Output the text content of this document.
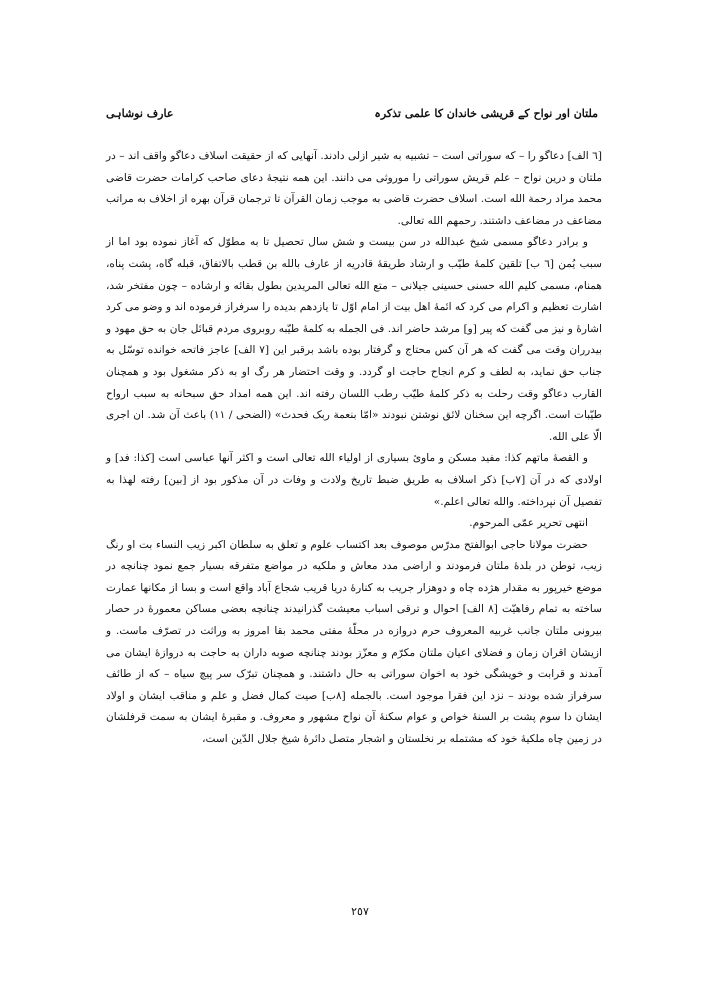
ملتان اور نواح کے قریشی خاندان کا علمی تذکرہ
عارف نوشاہی

[٦ الف] دعاگو را – که سوراتی است – تشبیه به شیر ازلی دادند. آنهایی که از حقیقت اسلاف دعاگو واقف اند – در ملتان و درین نواح – علم قریش سوراتی را موروثی می دانند. این همه نتیجهٔ دعای صاحب کرامات حضرت قاضی محمد مراد رحمة الله است. اسلاف حضرت قاضی به موجب زمان القرآن تا ترجمان قرآن بهره از اخلاف به مراتب مضاعف در مضاعف داشتند. رحمهم الله تعالی.

و برادر دعاگو مسمی شیخ عبدالله در سن بیست و شش سال تحصیل تا به مطوّل که آغاز نموده بود اما از سبب یُمن [٦ ب] تلقین کلمهٔ طیّب و ارشاد طریقهٔ قادریه از عارف بالله بن قطب بالاتفاق، قبله گاه، پشت پناه، همنام، مسمی کلیم الله حسنی حسینی جیلانی – متع الله تعالی المریدین بطول بقائه و ارشاده – چون مفتخر شد، اشارت تعظیم و اکرام می کرد که ائمهٔ اهل بیت از امام اوّل تا یازدهم بدیده را سرفراز فرموده اند و وضو می کرد اشارهٔ و نیز می گفت که پیر [و] مرشد حاضر اند. فی الجمله به کلمهٔ طیّبه روبروی مردم قبائل جان به حق مهود و بیدرران وقت می گفت که هر آن کس محتاج و گرفتار بوده باشد برقبر این [٧ الف] عاجز فاتحه خوانده توسّل به جناب حق نماید، به لطف و کرم انجاح حاجت او گردد. و وقت احتضار هر رگ او به ذکر مشغول بود و همچنان القارب دعاگو وقت رحلت به ذکر کلمهٔ طیّب رطب اللسان رفته اند. این همه امداد حق سبحانه به سبب ارواح طیّبات است. اگرچه این سخنان لائق نوشتن نبودند «امّا بنعمة ربک فحدث» (الضحی / ١١) باعث آن شد. ان اجری الّا علی الله.

و القصهٔ ماتهم کذا: مفید مسکن و ماویٔ بسیاری از اولیاء الله تعالی است و اکثر آنها عباسی است [کذا: فد] و اولادی که در آن [٧ب] ذکر اسلاف به طریق ضبط تاریخ ولادت و وفات در آن مذکور بود از [بین] رفته لهذا به تفصیل آن نپرداخته. والله تعالی اعلم.»

انتهی تحریر عمّی المرحوم.

حضرت مولانا حاجی ابوالفتح مدرّس موصوف بعد اکتساب علوم و تعلق به سلطان اکبر زیب النساء بت او رنگ زیب، توطن در بلدهٔ ملتان فرمودند و اراضی مدد معاش و ملکیه در مواضع متفرقه بسیار جمع نمود چنانچه در موضع خیرپور به مقدار هژده چاه و دوهزار جریب به کنارهٔ دریا قریب شجاع آباد واقع است و بسا از مکانها عمارت ساخته به تمام رفاهیّت [٨ الف] احوال و ترقی اسباب معیشت گذرانیدند چنانچه بعضی مساکن معمورهٔ در حصار بیرونی ملتان جانب غربیه المعروف حرم دروازه در محلّهٔ مفتی محمد بقا امروز به وراثت در تصرّف ماست. و ازیشان اقران زمان و فضلای اعیان ملتان مکرّم و معزّز بودند چنانچه صوبه داران به حاجت به دروازهٔ ایشان می آمدند و قرابت و خویشگی خود به اخوان سوراتی به حال داشتند. و همچنان تبرّک سر پیچ سیاه – که از طائف سرفراز شده بودند – نزد این فقرا موجود است. بالجمله [٨ب] صیت کمال فضل و علم و مناقب ایشان و اولاد ایشان دا سوم پشت بر السنهٔ خواص و عوام سکنهٔ آن نواح مشهور و معروف. و مقبرهٔ ایشان به سمت قرفلشان در زمین چاه ملکیهٔ خود که مشتمله بر نخلستان و اشجار متصل دائرهٔ شیخ جلال الدّین است،

٢٥٧
